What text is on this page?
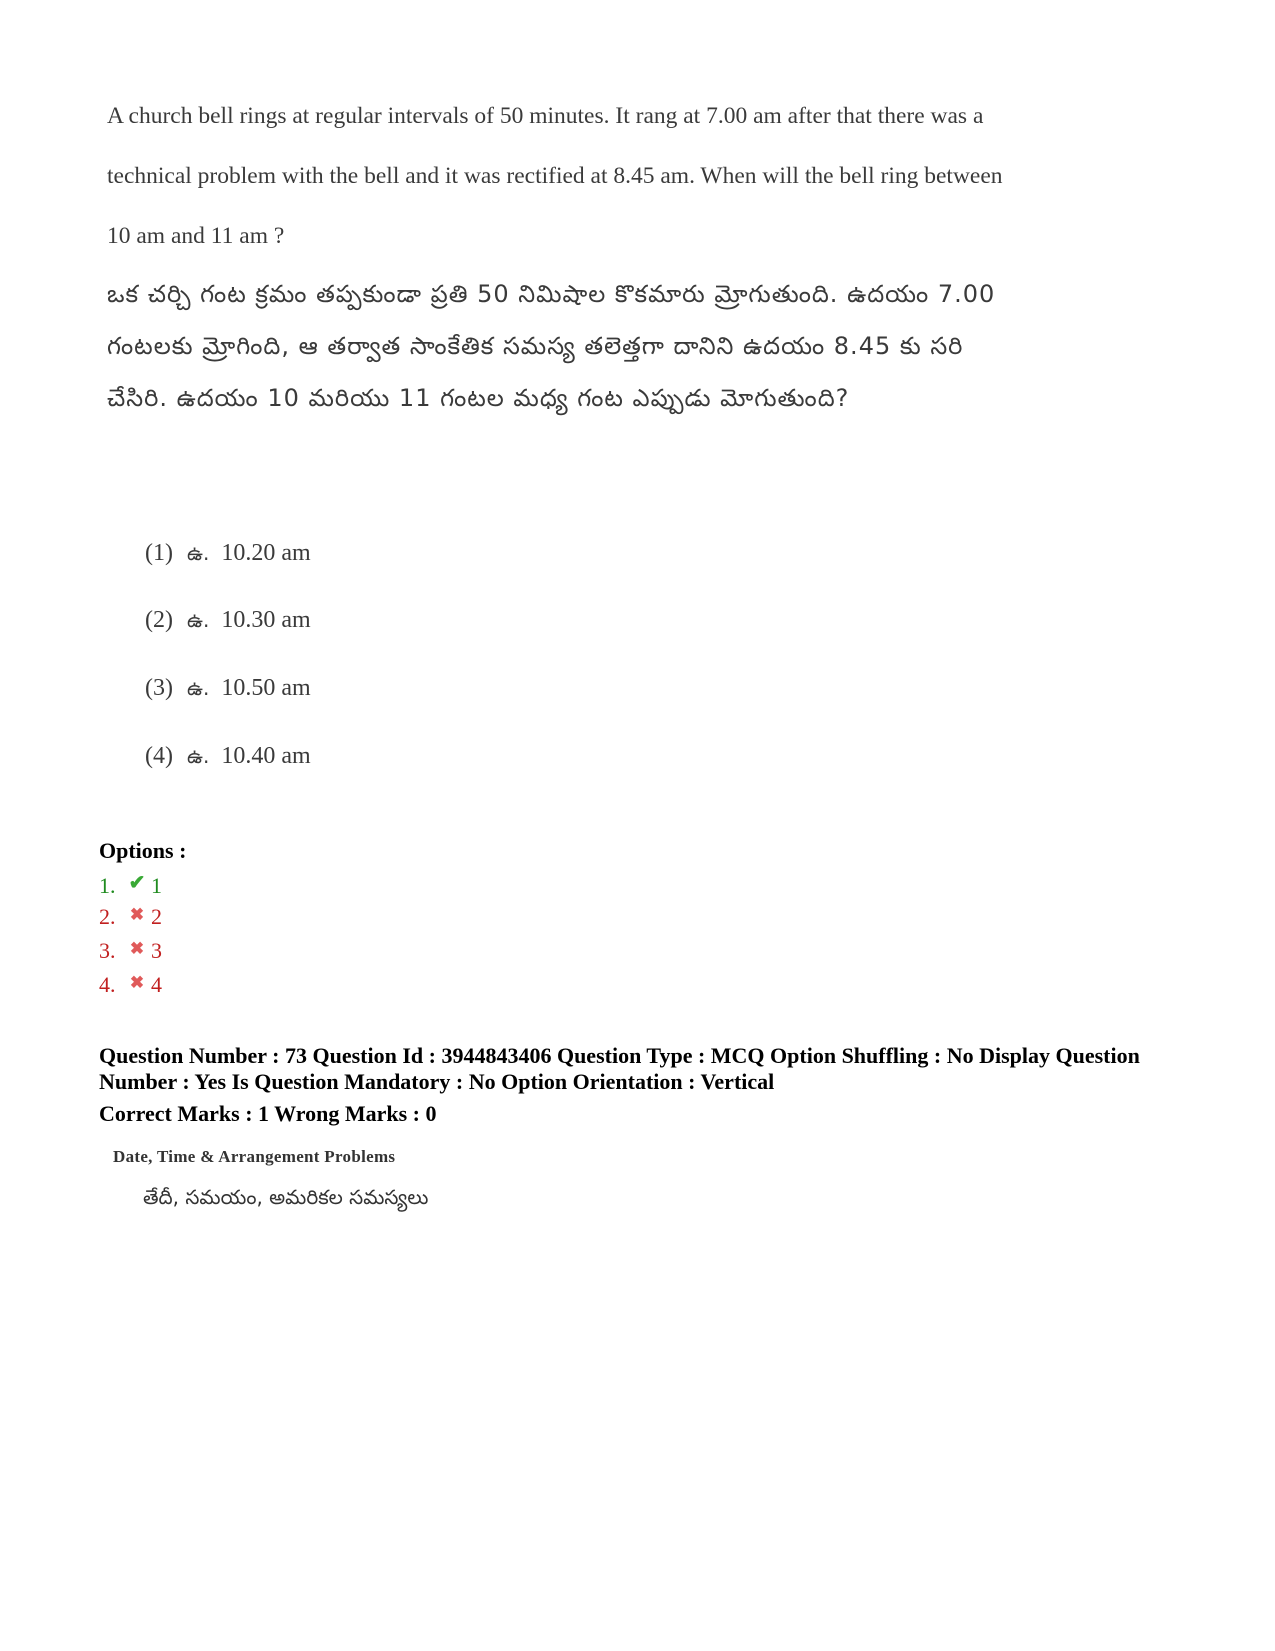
A church bell rings at regular intervals of 50 minutes. It rang at 7.00 am after that there was a technical problem with the bell and it was rectified at 8.45 am. When will the bell ring between 10 am and 11 am ?
ఒక చర్చి గంట క్రమం తప్పకుండా ప్రతి 50 నిమిషాల కొకమారు మ్రోగుతుంది. ఉదయం 7.00 గంటలకు మ్రోగింది, ఆ తర్వాత సాంకేతిక సమస్య తలెత్తగా దానిని ఉదయం 8.45 కు సరి చేసిరి. ఉదయం 10 మరియు 11 గంటల మధ్య గంట ఎప్పుడు మోగుతుంది?
(1) ఉ. 10.20 am
(2) ఉ. 10.30 am
(3) ఉ. 10.50 am
(4) ఉ. 10.40 am
Options :
1. ✔ 1
2. ✖ 2
3. ✖ 3
4. ✖ 4
Question Number : 73 Question Id : 3944843406 Question Type : MCQ Option Shuffling : No Display Question Number : Yes Is Question Mandatory : No Option Orientation : Vertical
Correct Marks : 1 Wrong Marks : 0
Date, Time & Arrangement Problems
తేదీ, సమయం, అమరికల సమస్యలు
